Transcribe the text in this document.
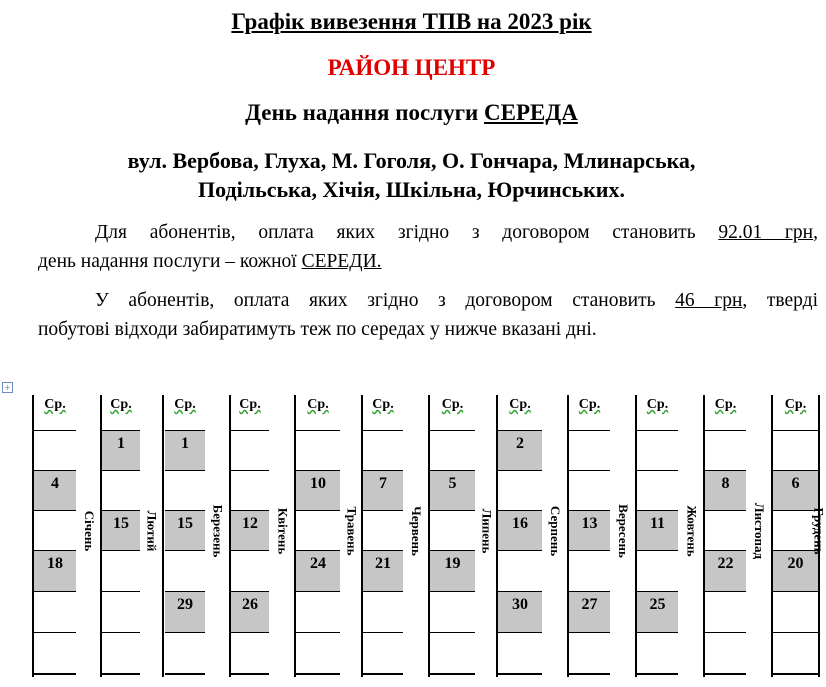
Графік вивезення ТПВ на 2023 рік
РАЙОН ЦЕНТР
День надання послуги СЕРЕДА
вул. Вербова, Глуха, М. Гоголя, О. Гончара, Млинарська,
Подільська, Хічія, Шкільна, Юрчинських.
Для абонентів, оплата яких згідно з договором становить 92.01 грн,
день надання послуги – кожної СЕРЕДИ.
У абонентів, оплата яких згідно з договором становить 46 грн, тверді
побутові відходи забиратимуть теж по середах у нижче вказані дні.
+
Ср.
4
18
Січень
Ср.
1
15	Лютий
Ср.
1
15
29
Березень
Ср.
12
26
Квітень
Ср.
10
24
Травень
Ср.
7
21
Червень
Ср.
5
19
Липень
Ср.
2
16
30
Серпень
Ср.
13
27
Вересень
Ср.
11
25
Жовтень
Ср.
8
22
Листопад
Ср.
6
20
Грудень
